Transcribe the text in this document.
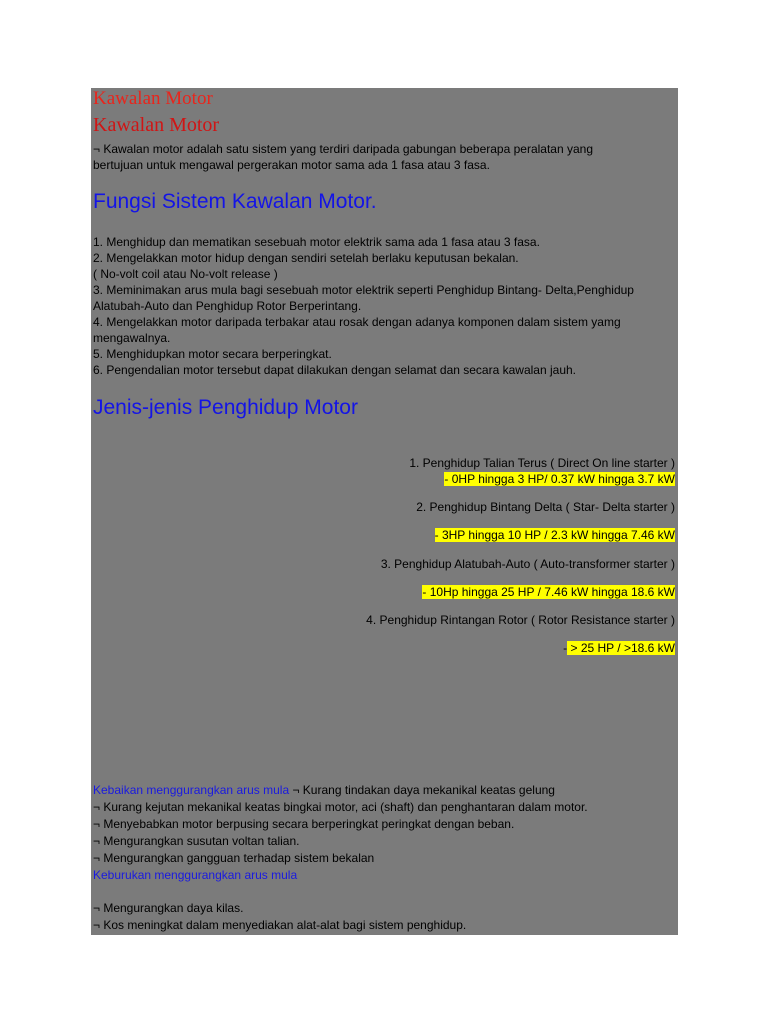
Kawalan Motor
Kawalan Motor
¬ Kawalan motor adalah satu sistem yang terdiri daripada gabungan beberapa peralatan yang
bertujuan untuk mengawal pergerakan motor sama ada 1 fasa atau 3 fasa.
Fungsi Sistem Kawalan Motor.
1. Menghidup dan mematikan sesebuah motor elektrik sama ada 1 fasa atau 3 fasa.
2. Mengelakkan motor hidup dengan sendiri setelah berlaku keputusan bekalan.
( No-volt coil atau No-volt release )
3. Meminimakan arus mula bagi sesebuah motor elektrik seperti Penghidup Bintang- Delta,Penghidup
Alatubah-Auto dan Penghidup Rotor Berperintang.
4. Mengelakkan motor daripada terbakar atau rosak dengan adanya komponen dalam sistem yamg
mengawalnya.
5. Menghidupkan motor secara berperingkat.
6. Pengendalian motor tersebut dapat dilakukan dengan selamat dan secara kawalan jauh.
Jenis-jenis Penghidup Motor
1. Penghidup Talian Terus ( Direct On line starter )
- 0HP hingga 3 HP/ 0.37 kW hingga 3.7 kW
2. Penghidup Bintang Delta ( Star- Delta starter )
- 3HP hingga 10 HP / 2.3 kW hingga 7.46 kW
3. Penghidup Alatubah-Auto ( Auto-transformer starter )
- 10Hp hingga 25 HP / 7.46 kW hingga 18.6 kW
4. Penghidup Rintangan Rotor ( Rotor Resistance starter )
- > 25 HP / >18.6 kW
Kebaikan menggurangkan arus mula ¬ Kurang tindakan daya mekanikal keatas gelung
¬ Kurang kejutan mekanikal keatas bingkai motor, aci (shaft) dan penghantaran dalam motor.
¬ Menyebabkan motor berpusing secara berperingkat peringkat dengan beban.
¬ Mengurangkan susutan voltan talian.
¬ Mengurangkan gangguan terhadap sistem bekalan
Keburukan menggurangkan arus mula
¬ Mengurangkan daya kilas.
¬ Kos meningkat dalam menyediakan alat-alat bagi sistem penghidup.
